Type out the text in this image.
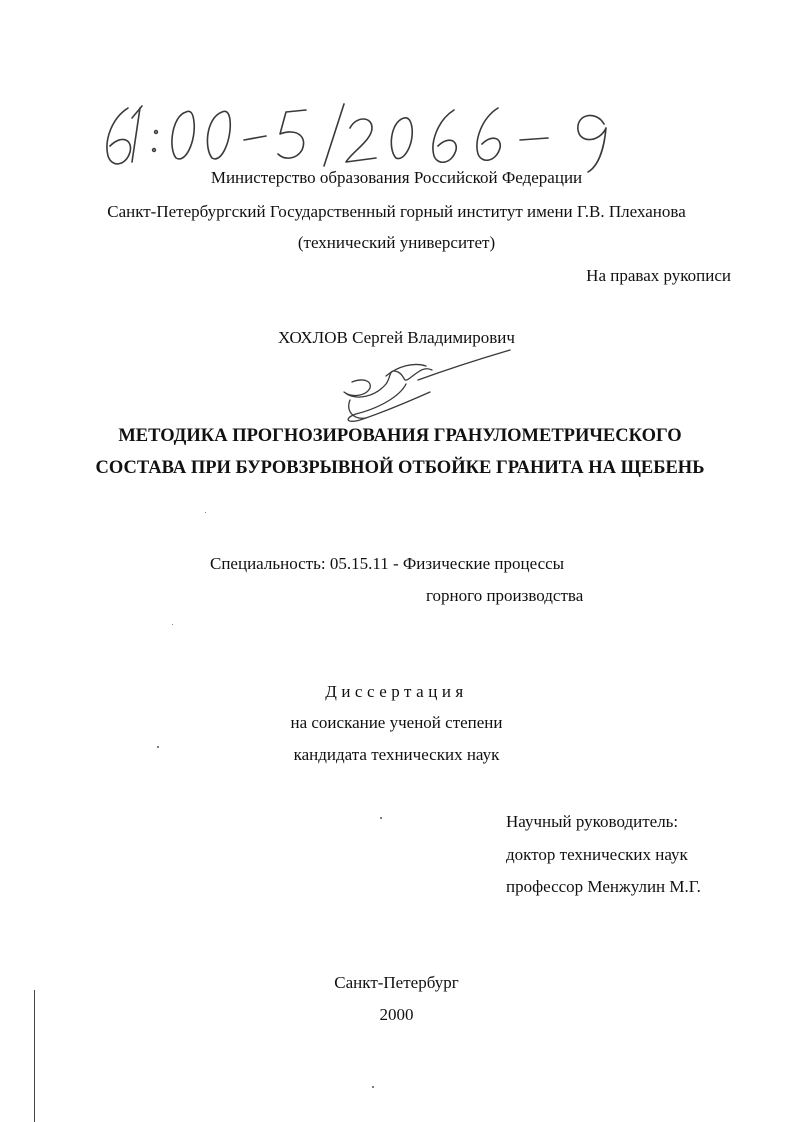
Министерство образования Российской Федерации
Санкт-Петербургский Государственный горный институт имени Г.В. Плеханова
(технический университет)
На правах рукописи
ХОХЛОВ Сергей Владимирович
МЕТОДИКА ПРОГНОЗИРОВАНИЯ ГРАНУЛОМЕТРИЧЕСКОГО
СОСТАВА ПРИ БУРОВЗРЫВНОЙ ОТБОЙКЕ ГРАНИТА НА ЩЕБЕНЬ
Специальность: 05.15.11 - Физические процессы
горного производства
Диссертация
на соискание ученой степени
кандидата технических наук
Научный руководитель:
доктор технических наук
профессор Менжулин М.Г.
Санкт-Петербург
2000
